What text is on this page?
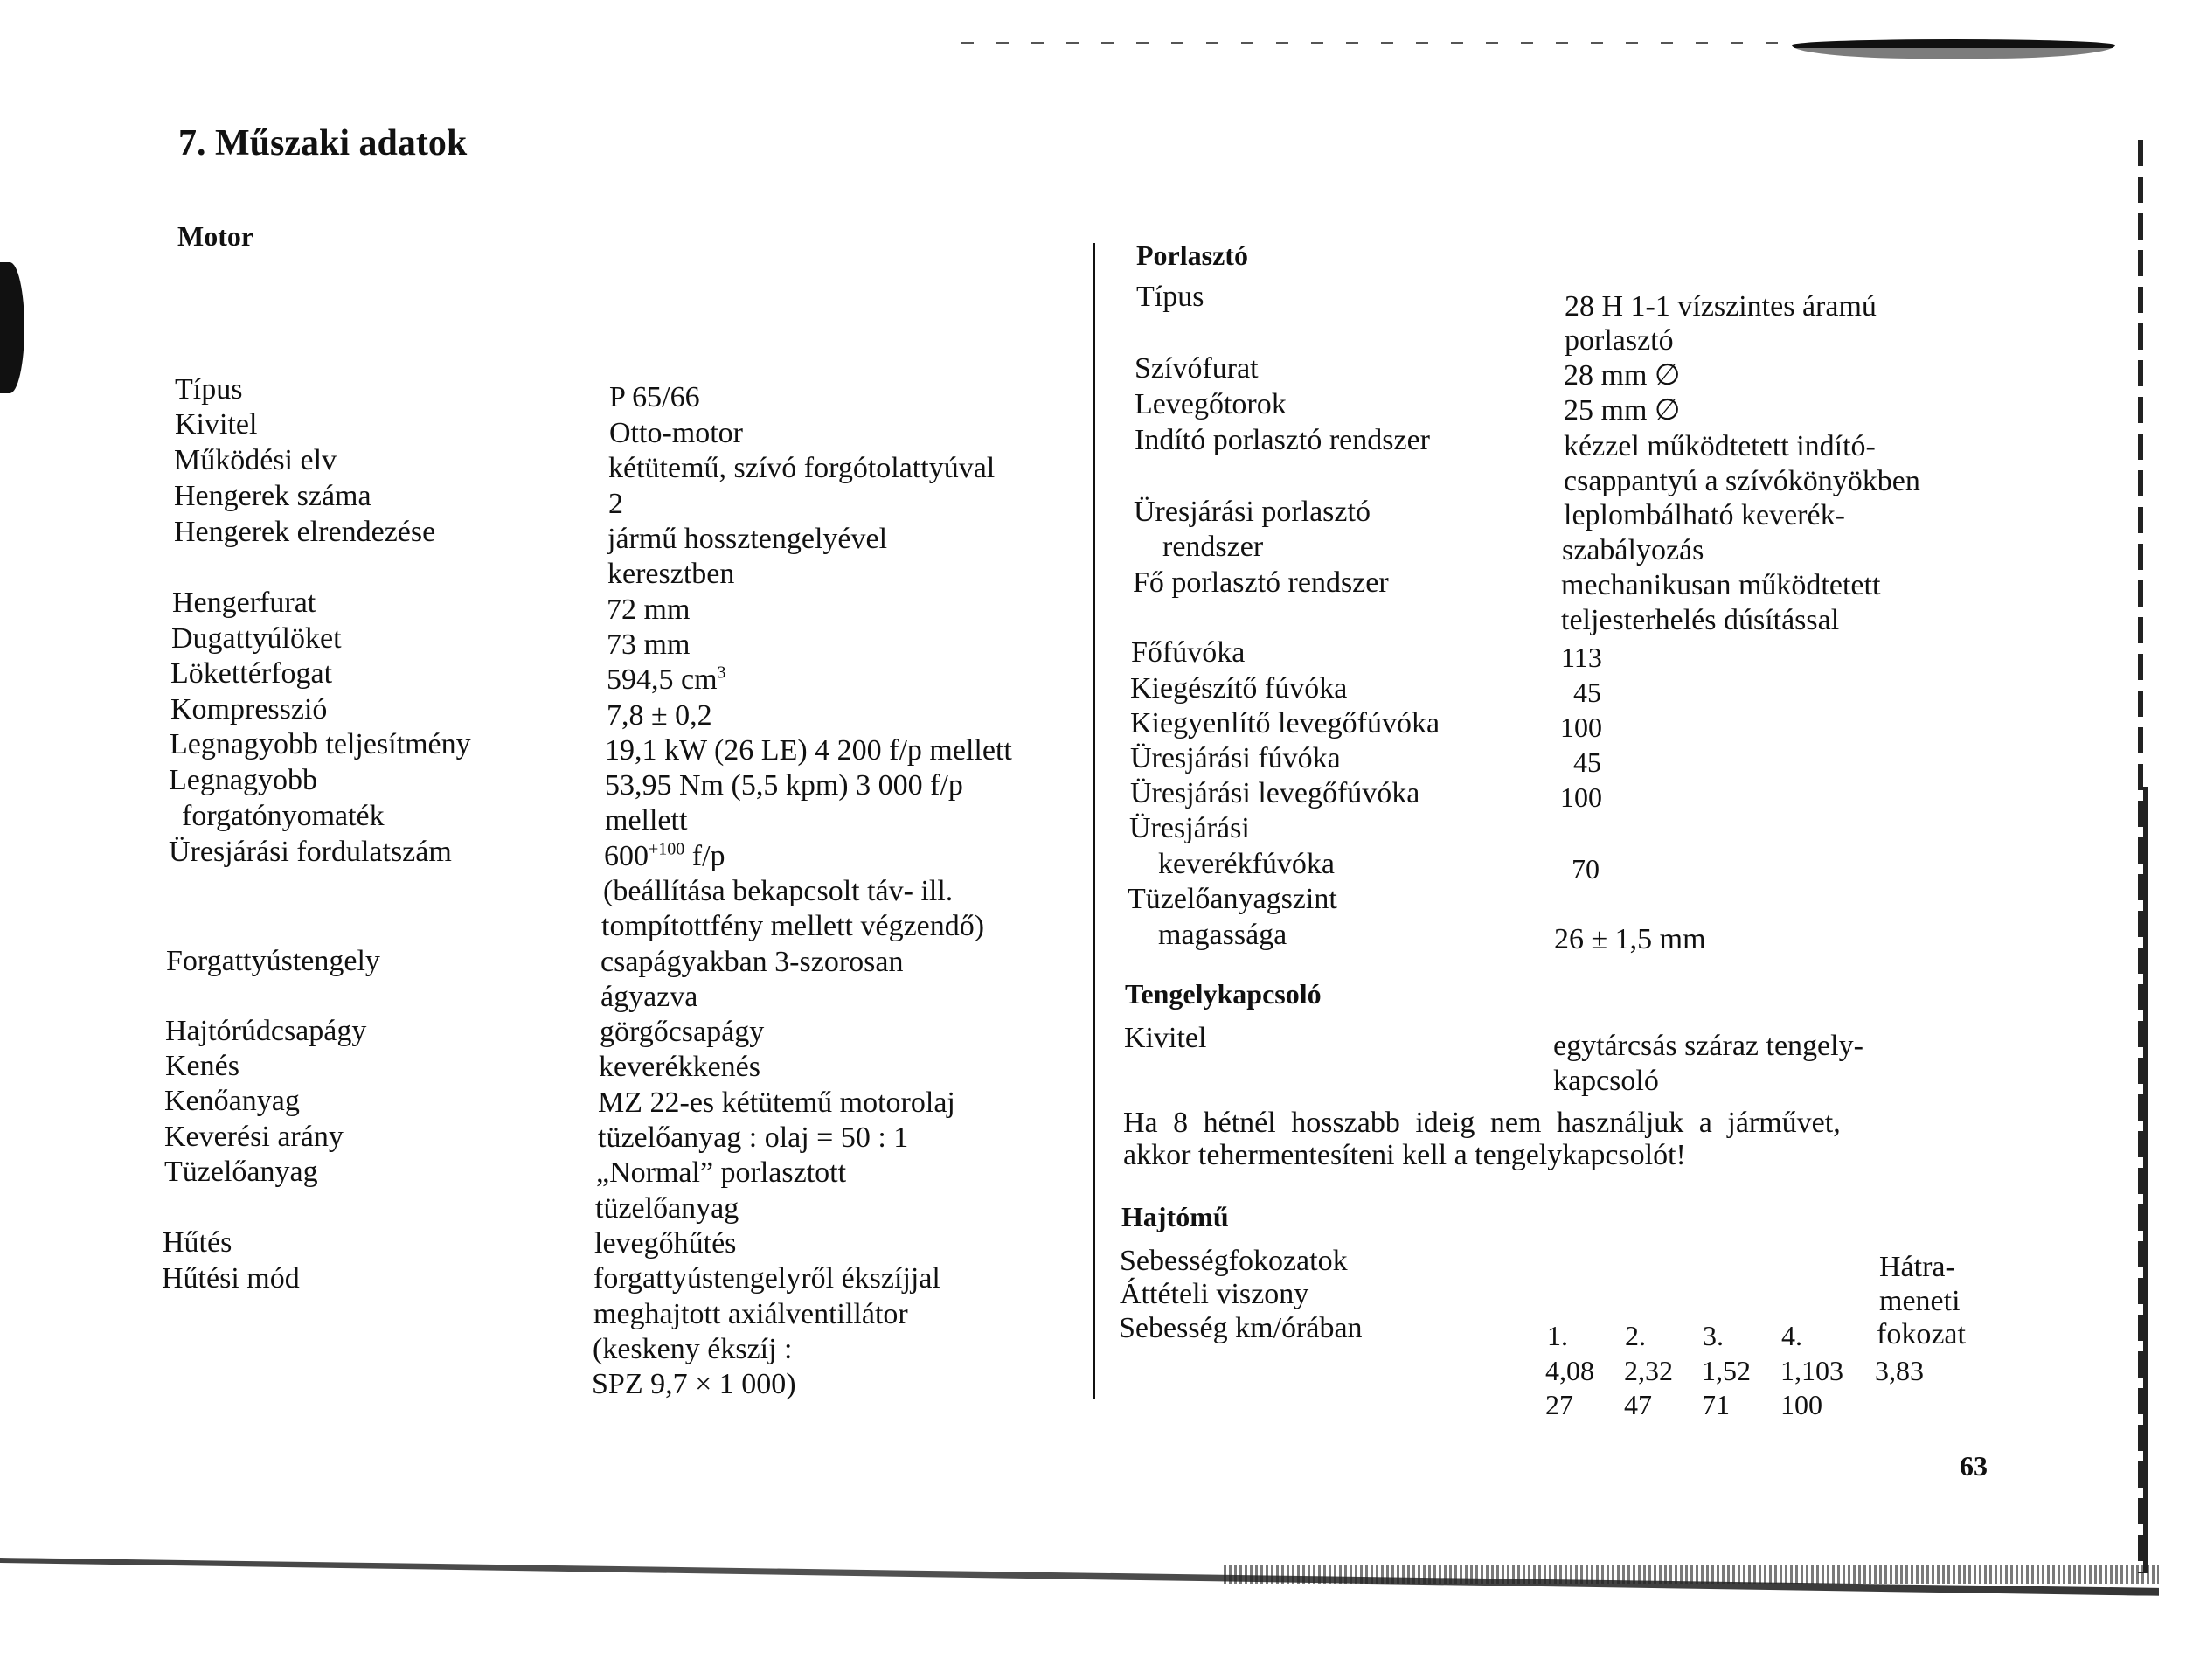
7. Műszaki adatok
Motor
Típus
Kivitel
Működési elv
Hengerek száma
Hengerek elrendezése
Hengerfurat
Dugattyúlöket
Lökettérfogat
Kompresszió
Legnagyobb teljesítmény
Legnagyobb
forgatónyomaték
Üresjárási fordulatszám
Forgattyústengely
Hajtórúdcsapágy
Kenés
Kenőanyag
Keverési arány
Tüzelőanyag
Hűtés
Hűtési mód
P 65/66
Otto-motor
kétütemű, szívó forgótolattyúval
2
jármű hossztengelyével
keresztben
72 mm
73 mm
594,5 $cm^3$
7,8 ± 0,2
19,1 kW (26 LE) 4 200 f/p mellett
53,95 Nm (5,5 kpm) 3 000 f/p
mellett
$600^{+100}$ f/p
(beállítása bekapcsolt táv- ill.
tompítottfény mellett végzendő)
csapágyakban 3-szorosan
ágyazva
görgőcsapágy
keverékkenés
MZ 22-es kétütemű motorolaj
tüzelőanyag : olaj = 50 : 1
„Normal” porlasztott
tüzelőanyag
levegőhűtés
forgattyústengelyről ékszíjjal
meghajtott axiálventillátor
(keskeny ékszíj :
SPZ 9,7 × 1 000)
Porlasztó
Típus
Szívófurat
Levegőtorok
Indító porlasztó rendszer
Üresjárási porlasztó
rendszer
Fő porlasztó rendszer
Főfúvóka
Kiegészítő fúvóka
Kiegyenlítő levegőfúvóka
Üresjárási fúvóka
Üresjárási levegőfúvóka
Üresjárási
keverékfúvóka
Tüzelőanyagszint
magassága
28 H 1-1 vízszintes áramú
porlasztó
28 mm ∅
25 mm ∅
kézzel működtetett indító-
csappantyú a szívókönyökben
leplombálható keverék-
szabályozás
mechanikusan működtetett
teljesterhelés dúsítással
113
45
100
45
100
70
26 ± 1,5 mm
Tengelykapcsoló
Kivitel	egytárcsás száraz tengely-
kapcsoló
Ha 8 hétnél hosszabb ideig nem használjuk a járművet,
akkor tehermentesíteni kell a tengelykapcsolót!
Hajtómű
Sebességfokozatok
Áttételi viszony
Sebesség km/órában
Hátra-
meneti
fokozat
1. 2. 3. 4.
4,08 2,32 1,52 1,103 3,83
27 47 71 100
63
